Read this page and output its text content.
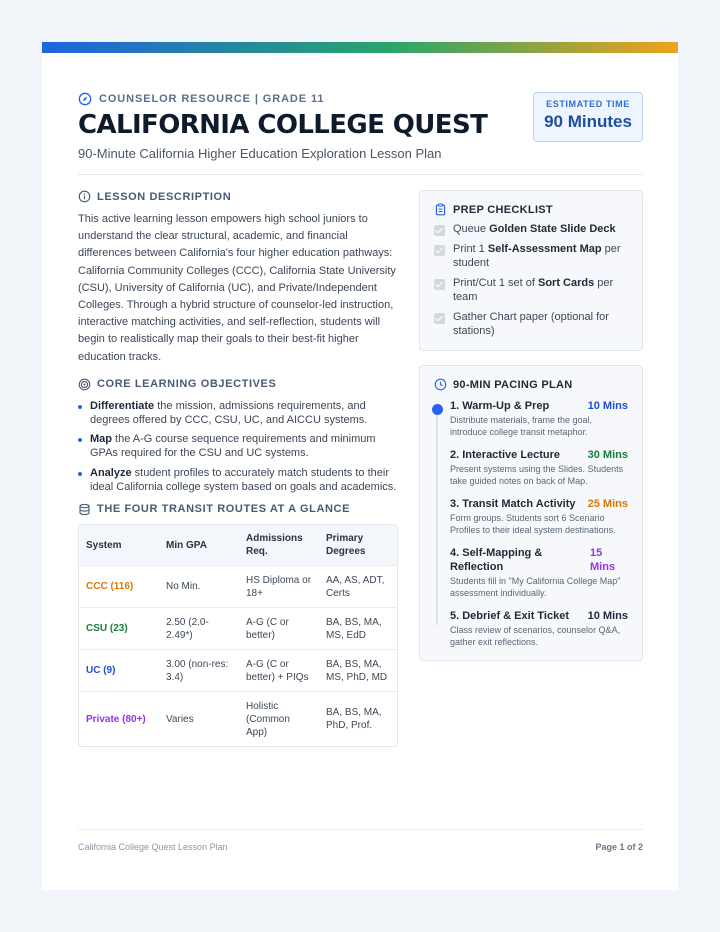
COUNSELOR RESOURCE | GRADE 11
CALIFORNIA COLLEGE QUEST
90-Minute California Higher Education Exploration Lesson Plan
ESTIMATED TIME
90 Minutes
LESSON DESCRIPTION

This active learning lesson empowers high school juniors to understand the clear structural, academic, and financial differences between California's four higher education pathways: California Community Colleges (CCC), California State University (CSU), University of California (UC), and Private/Independent Colleges. Through a hybrid structure of counselor-led instruction, interactive matching activities, and self-reflection, students will begin to realistically map their goals to their best-fit higher education tracks.

CORE LEARNING OBJECTIVES
Differentiate the mission, admissions requirements, and degrees offered by CCC, CSU, UC, and AICCU systems.
Map the A-G course sequence requirements and minimum GPAs required for the CSU and UC systems.
Analyze student profiles to accurately match students to their ideal California college system based on goals and academics.
THE FOUR TRANSIT ROUTES AT A GLANCE
System	Min GPA	Admissions Req.	Primary Degrees
CCC (116)	No Min.	HS Diploma or 18+	AA, AS, ADT, Certs
CSU (23)	2.50 (2.0-2.49*)	A-G (C or better)	BA, BS, MA, MS, EdD
UC (9)	3.00 (non-res: 3.4)	A-G (C or better) + PIQs	BA, BS, MA, MS, PhD, MD
Private (80+)	Varies	Holistic (Common App)	BA, BS, MA, PhD, Prof.
PREP CHECKLIST
Queue Golden State Slide Deck
Print 1 Self-Assessment Map per student
Print/Cut 1 set of Sort Cards per team
Gather Chart paper (optional for stations)
90-MIN PACING PLAN
1. Warm-Up & Prep	10 Mins
Distribute materials, frame the goal, introduce college transit metaphor.
2. Interactive Lecture	30 Mins
Present systems using the Slides. Students take guided notes on back of Map.
3. Transit Match Activity 25 Mins
Form groups. Students sort 6 Scenario Profiles to their ideal system destinations.
4. Self-Mapping & Reflection
15 Mins
Students fill in "My California College Map" assessment individually.
5. Debrief & Exit Ticket 10 Mins
Class review of scenarios, counselor Q&A, gather exit reflections.
California College Quest Lesson Plan	Page 1 of 2
